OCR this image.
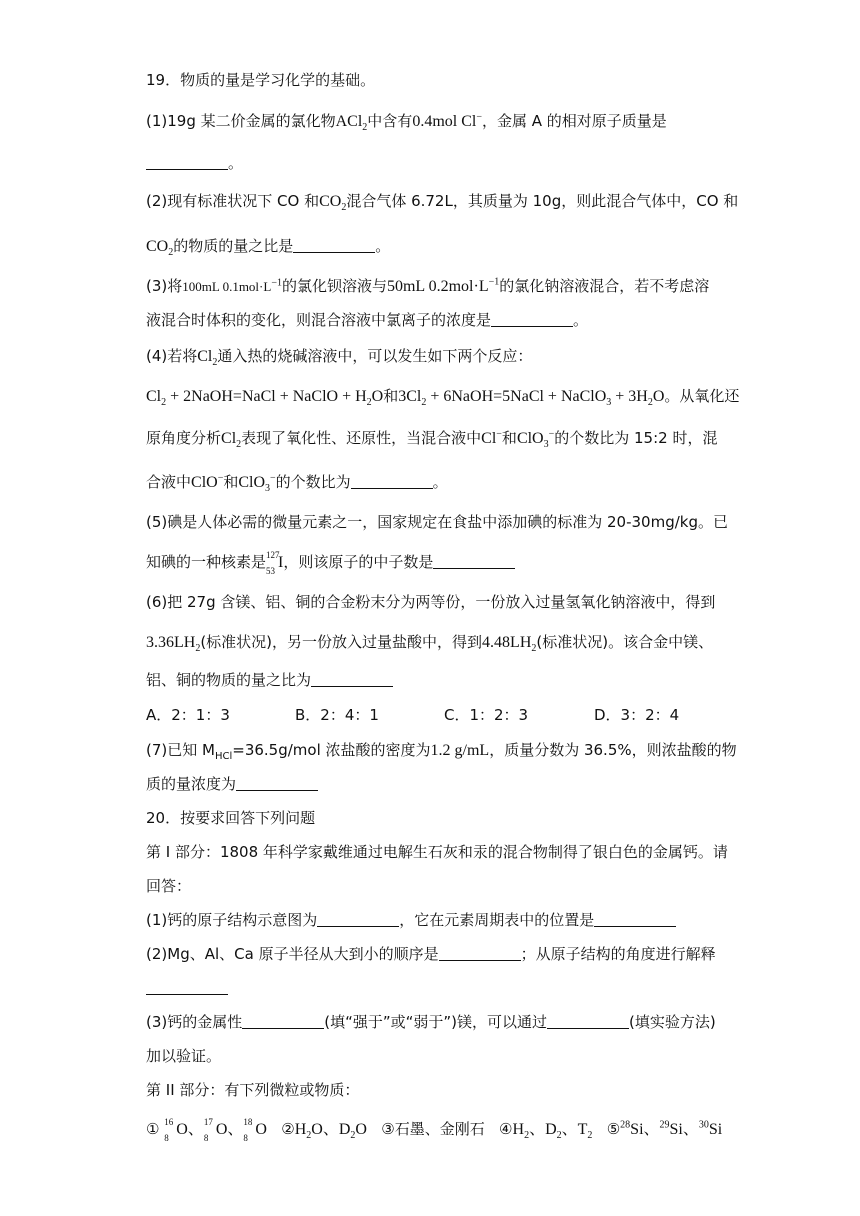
19．物质的量是学习化学的基础。
(1)19g 某二价金属的氯化物ACl$_2$中含有0.4mol Cl−，金属 A 的相对原子质量是
。
(2)现有标准状况下 CO 和$CO_2$混合气体 6.72L，其质量为 10g，则此混合气体中，CO 和
$CO_2$的物质的量之比是	。
(3)将100mL $0.1mol\cdot L^{-1}$的氯化钡溶液与50mL $0.2mol\cdot L^{-1}$的氯化钠溶液混合，若不考虑溶
液混合时体积的变化，则混合溶液中氯离子的浓度是	。
(4)若将$Cl_2$通入热的烧碱溶液中，可以发生如下两个反应：
$Cl_2$ + 2NaOH=NaCl + NaClO + $H_2O$和$3Cl_2$ + 6NaOH=5NaCl + NaClO$_3$ + $3H_2O$。从氧化还
原角度分析$Cl_2$表现了氧化性、还原性，当混合液中Cl−和ClO$_3$−的个数比为 15:2 时，混
合液中ClO−和ClO$_3$−的个数比为	。
(5)碘是人体必需的微量元素之一，国家规定在食盐中添加碘的标准为 20-30mg/kg。已
知碘的一种核素是 127
53 I，则该原子的中子数是
(6)把 27g 含镁、铝、铜的合金粉末分为两等份，一份放入过量氢氧化钠溶液中，得到
$3.36LH_2$(标准状况)，另一份放入过量盐酸中，得到$4.48LH_2$(标准状况)。该合金中镁、
铝、铜的物质的量之比为
A．2：1：3	B．2：4：1	C．1：2：3	D．3：2：4
(7)已知 $M_{HCl}=36.5g$/mol 浓盐酸的密度为1.2 g/mL，质量分数为 36.5%，则浓盐酸的物
质的量浓度为
20．按要求回答下列问题
第 I 部分：1808 年科学家戴维通过电解生石灰和汞的混合物制得了银白色的金属钙。请
回答：
(1)钙的原子结构示意图为	，它在元素周期表中的位置是
(2)Mg、Al、Ca 原子半径从大到小的顺序是	；从原子结构的角度进行解释
(3)钙的金属性	(填“强于”或“弱于”)镁，可以通过	(填实验方法)
加以验证。
第 II 部分：有下列微粒或物质：
① 16
8 O、 17
8 O、 18
8 O $②H_2O$、$D_2O$ ③石墨、金刚石 $④H_2$、$D_2$、$T_2$ ⑤$^{28}$Si、$^{29}$Si、$^{30}$Si
